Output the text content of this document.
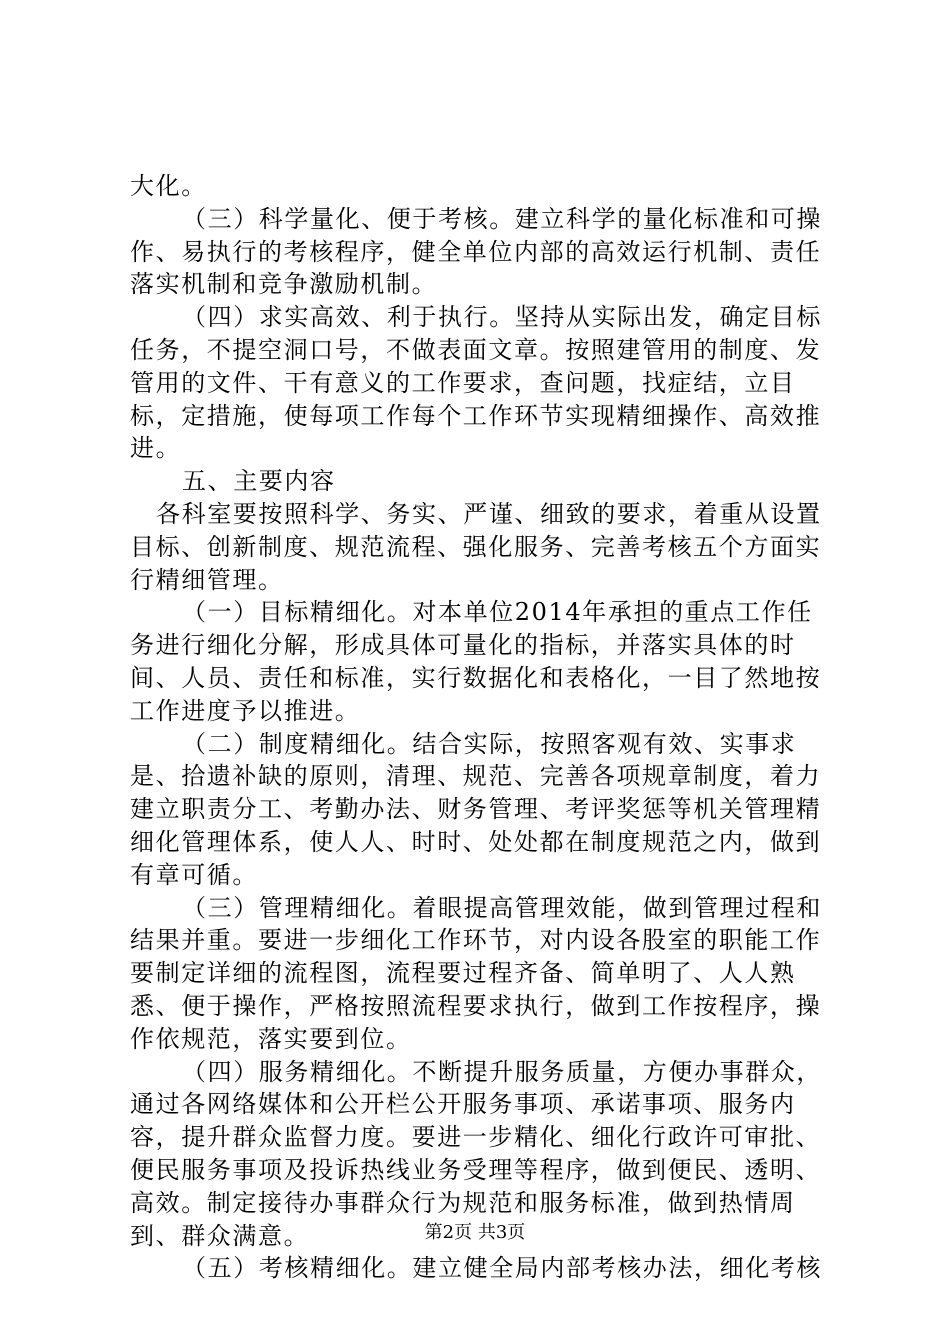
大化。

（三）科学量化、便于考核。建立科学的量化标准和可操作、易执行的考核程序，健全单位内部的高效运行机制、责任落实机制和竞争激励机制。

（四）求实高效、利于执行。坚持从实际出发，确定目标任务，不提空洞口号，不做表面文章。按照建管用的制度、发管用的文件、干有意义的工作要求，查问题，找症结，立目标，定措施，使每项工作每个工作环节实现精细操作、高效推进。

五、主要内容

各科室要按照科学、务实、严谨、细致的要求，着重从设置目标、创新制度、规范流程、强化服务、完善考核五个方面实行精细管理。

（一）目标精细化。对本单位2014年承担的重点工作任务进行细化分解，形成具体可量化的指标，并落实具体的时间、人员、责任和标准，实行数据化和表格化，一目了然地按工作进度予以推进。

（二）制度精细化。结合实际，按照客观有效、实事求是、拾遗补缺的原则，清理、规范、完善各项规章制度，着力建立职责分工、考勤办法、财务管理、考评奖惩等机关管理精细化管理体系，使人人、时时、处处都在制度规范之内，做到有章可循。

（三）管理精细化。着眼提高管理效能，做到管理过程和结果并重。要进一步细化工作环节，对内设各股室的职能工作要制定详细的流程图，流程要过程齐备、简单明了、人人熟悉、便于操作，严格按照流程要求执行，做到工作按程序，操作依规范，落实要到位。

（四）服务精细化。不断提升服务质量，方便办事群众，通过各网络媒体和公开栏公开服务事项、承诺事项、服务内容，提升群众监督力度。要进一步精化、细化行政许可审批、便民服务事项及投诉热线业务受理等程序，做到便民、透明、高效。制定接待办事群众行为规范和服务标准，做到热情周到、群众满意。

（五）考核精细化。建立健全局内部考核办法，细化考核

第2页 共3页
